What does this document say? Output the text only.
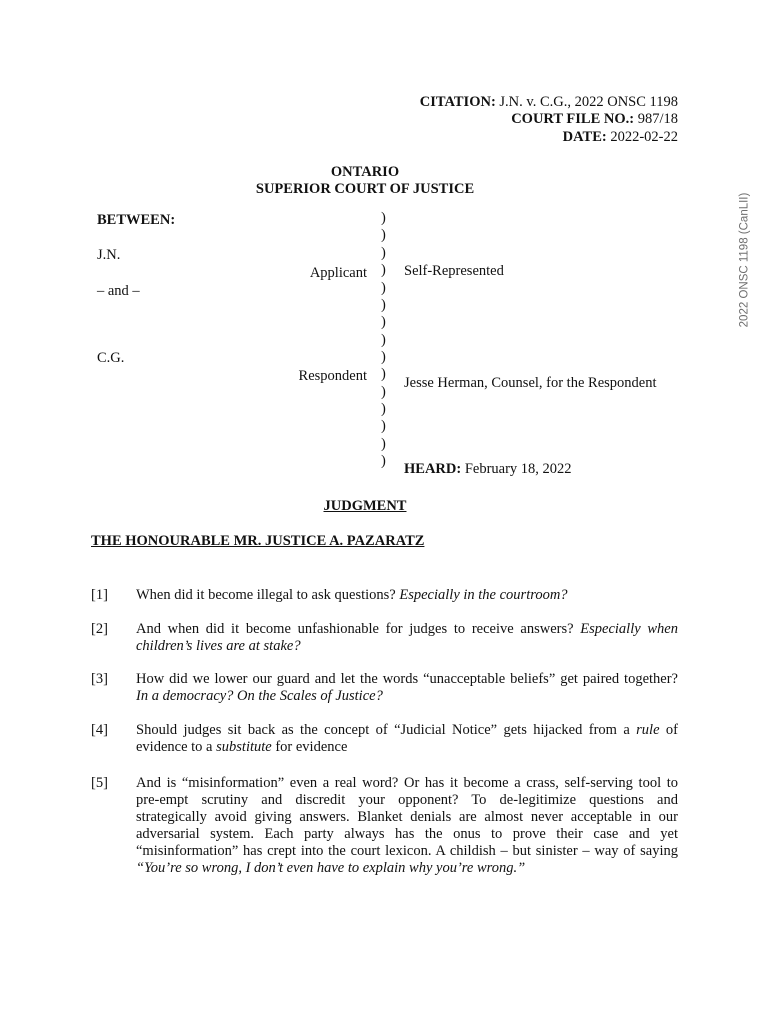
2022 ONSC 1198 (CanLII)
CITATION: J.N. v. C.G., 2022 ONSC 1198
COURT FILE NO.: 987/18
DATE: 2022-02-22
ONTARIO
SUPERIOR COURT OF JUSTICE
BETWEEN:
J.N.
Applicant
– and –
C.G.
Respondent
Self-Represented
Jesse Herman, Counsel, for the Respondent
HEARD: February 18, 2022
)
)
)
)
)
)
)
)
)
)
)
)
)
)
)
JUDGMENT
THE HONOURABLE MR. JUSTICE A. PAZARATZ
[1] When did it become illegal to ask questions? Especially in the courtroom?
[2] And when did it become unfashionable for judges to receive answers? Especially when
children’s lives are at stake?
[3] How did we lower our guard and let the words “unacceptable beliefs” get paired together?
In a democracy? On the Scales of Justice?
[4] Should judges sit back as the concept of “Judicial Notice” gets hijacked from a rule of
evidence to a substitute for evidence
[5] And is “misinformation” even a real word? Or has it become a crass, self-serving tool to
pre-empt scrutiny and discredit your opponent? To de-legitimize questions and
strategically avoid giving answers. Blanket denials are almost never acceptable in our
adversarial system. Each party always has the onus to prove their case and yet
“misinformation” has crept into the court lexicon. A childish – but sinister – way of saying
“You’re so wrong, I don’t even have to explain why you’re wrong.”
